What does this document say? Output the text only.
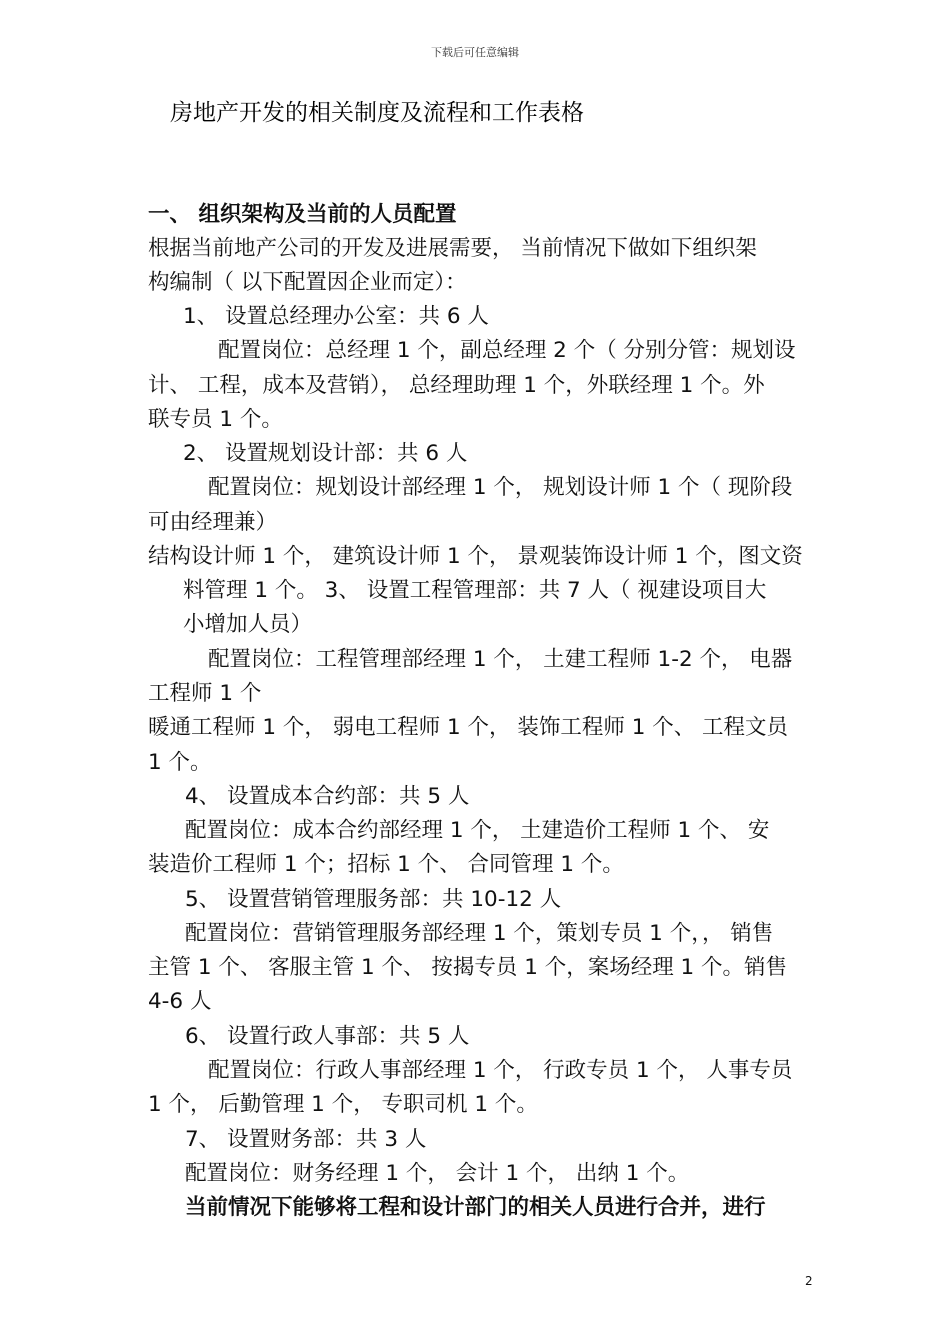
下载后可任意编辑
房地产开发的相关制度及流程和工作表格
一、 组织架构及当前的人员配置
根据当前地产公司的开发及进展需要， 当前情况下做如下组织架
构编制（ 以下配置因企业而定）：
1、 设置总经理办公室：共 6 人
配置岗位：总经理 1 个，副总经理 2 个（ 分别分管：规划设
计、 工程，成本及营销）， 总经理助理 1 个，外联经理 1 个。外
联专员 1 个。
2、 设置规划设计部：共 6 人
配置岗位：规划设计部经理 1 个， 规划设计师 1 个（ 现阶段
可由经理兼）
结构设计师 1 个， 建筑设计师 1 个， 景观装饰设计师 1 个，图文资
料管理 1 个。 3、 设置工程管理部：共 7 人（ 视建设项目大
小增加人员）
配置岗位：工程管理部经理 1 个， 土建工程师 1-2 个， 电器
工程师 1 个
暖通工程师 1 个， 弱电工程师 1 个， 装饰工程师 1 个、 工程文员
1 个。
4、 设置成本合约部：共 5 人
配置岗位：成本合约部经理 1 个， 土建造价工程师 1 个、 安
装造价工程师 1 个；招标 1 个、 合同管理 1 个。
5、 设置营销管理服务部：共 10-12 人
配置岗位：营销管理服务部经理 1 个，策划专员 1 个，， 销售
主管 1 个、 客服主管 1 个、 按揭专员 1 个，案场经理 1 个。销售
4-6 人
6、 设置行政人事部：共 5 人
配置岗位：行政人事部经理 1 个， 行政专员 1 个， 人事专员
1 个， 后勤管理 1 个， 专职司机 1 个。
7、 设置财务部：共 3 人
配置岗位：财务经理 1 个， 会计 1 个， 出纳 1 个。
当前情况下能够将工程和设计部门的相关人员进行合并，进行
2
